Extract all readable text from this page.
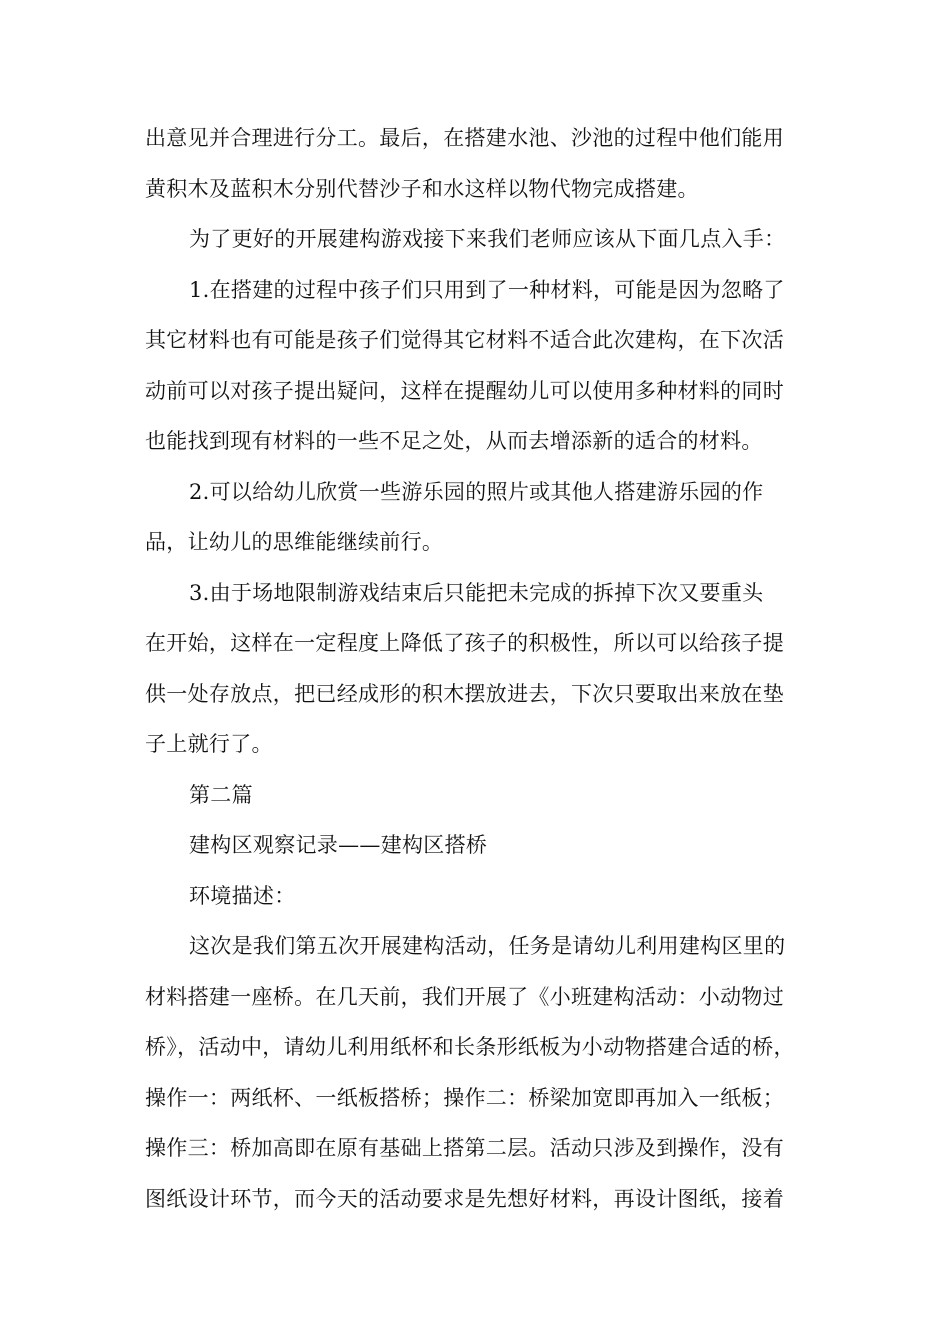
出意见并合理进行分工。最后，在搭建水池、沙池的过程中他们能用
黄积木及蓝积木分别代替沙子和水这样以物代物完成搭建。
为了更好的开展建构游戏接下来我们老师应该从下面几点入手：
1.在搭建的过程中孩子们只用到了一种材料，可能是因为忽略了
其它材料也有可能是孩子们觉得其它材料不适合此次建构，在下次活
动前可以对孩子提出疑问，这样在提醒幼儿可以使用多种材料的同时
也能找到现有材料的一些不足之处，从而去增添新的适合的材料。
2.可以给幼儿欣赏一些游乐园的照片或其他人搭建游乐园的作
品，让幼儿的思维能继续前行。
3.由于场地限制游戏结束后只能把未完成的拆掉下次又要重头
在开始，这样在一定程度上降低了孩子的积极性，所以可以给孩子提
供一处存放点，把已经成形的积木摆放进去，下次只要取出来放在垫
子上就行了。
第二篇
建构区观察记录——建构区搭桥
环境描述：
这次是我们第五次开展建构活动，任务是请幼儿利用建构区里的
材料搭建一座桥。在几天前，我们开展了《小班建构活动：小动物过
桥》，活动中，请幼儿利用纸杯和长条形纸板为小动物搭建合适的桥，
操作一：两纸杯、一纸板搭桥；操作二：桥梁加宽即再加入一纸板；
操作三：桥加高即在原有基础上搭第二层。活动只涉及到操作，没有
图纸设计环节，而今天的活动要求是先想好材料，再设计图纸，接着
